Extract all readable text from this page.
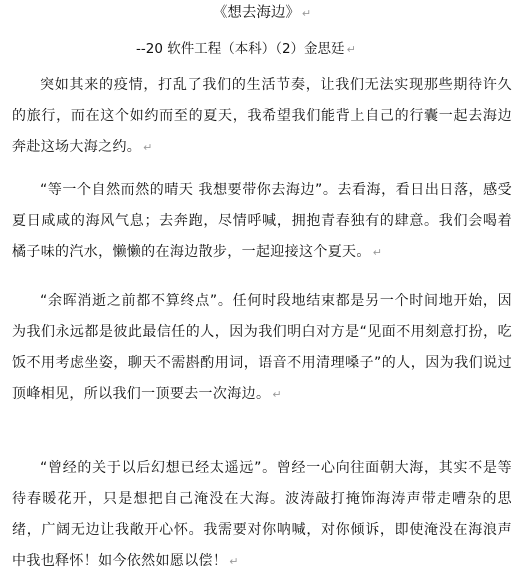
《想去海边》 ↵
--20 软件工程（本科）（2）金思廷 ↵

突如其来的疫情，打乱了我们的生活节奏，让我们无法实现那些期待许久的旅行，而在这个如约而至的夏天，我希望我们能背上自己的行囊一起去海边奔赴这场大海之约。 ↵

“等一个自然而然的晴天 我想要带你去海边”。去看海，看日出日落，感受夏日咸咸的海风气息；去奔跑，尽情呼喊，拥抱青春独有的肆意。我们会喝着橘子味的汽水，懒懒的在海边散步，一起迎接这个夏天。 ↵

“余晖消逝之前都不算终点”。任何时段地结束都是另一个时间地开始，因为我们永远都是彼此最信任的人，因为我们明白对方是“见面不用刻意打扮，吃饭不用考虑坐姿，聊天不需斟酌用词，语音不用清理嗓子”的人，因为我们说过顶峰相见，所以我们一顶要去一次海边。 ↵

“曾经的关于以后幻想已经太遥远”。曾经一心向往面朝大海，其实不是等待春暖花开，只是想把自己淹没在大海。波涛敲打掩饰海涛声带走嘈杂的思绪，广阔无边让我敞开心怀。我需要对你呐喊，对你倾诉，即使淹没在海浪声中我也释怀！如今依然如愿以偿！ ↵
